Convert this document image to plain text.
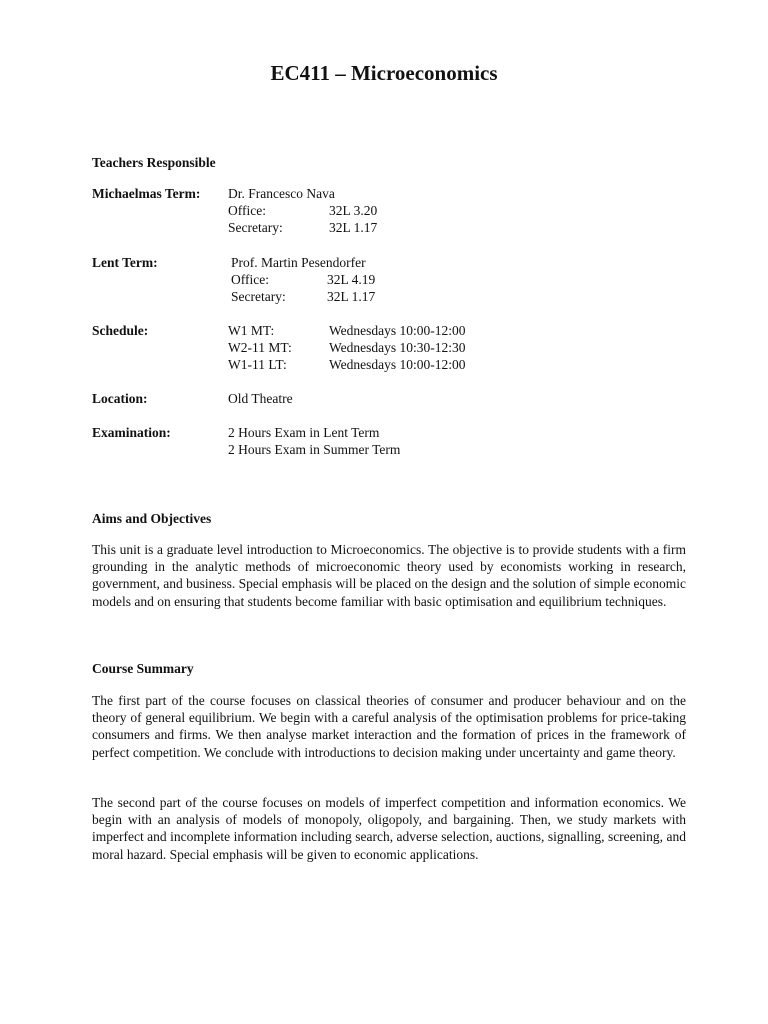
EC411 – Microeconomics
Teachers Responsible
Michaelmas Term: Dr. Francesco Nava
Office:	32L 3.20
Secretary:	32L 1.17
Lent Term:	Prof. Martin Pesendorfer
Office:	32L 4.19
Secretary:	32L 1.17
Schedule:	W1 MT:	Wednesdays 10:00-12:00
W2-11 MT:	Wednesdays 10:30-12:30
W1-11 LT:	Wednesdays 10:00-12:00
Location:	Old Theatre
Examination:	2 Hours Exam in Lent Term
2 Hours Exam in Summer Term
Aims and Objectives

This unit is a graduate level introduction to Microeconomics. The objective is to provide students with a firm grounding in the analytic methods of microeconomic theory used by economists working in research, government, and business. Special emphasis will be placed on the design and the solution of simple economic models and on ensuring that students become familiar with basic optimisation and equilibrium techniques.

Course Summary

The first part of the course focuses on classical theories of consumer and producer behaviour and on the theory of general equilibrium. We begin with a careful analysis of the optimisation problems for price-taking consumers and firms. We then analyse market interaction and the formation of prices in the framework of perfect competition. We conclude with introductions to decision making under uncertainty and game theory.

The second part of the course focuses on models of imperfect competition and information economics. We begin with an analysis of models of monopoly, oligopoly, and bargaining. Then, we study markets with imperfect and incomplete information including search, adverse selection, auctions, signalling, screening, and moral hazard. Special emphasis will be given to economic applications.
